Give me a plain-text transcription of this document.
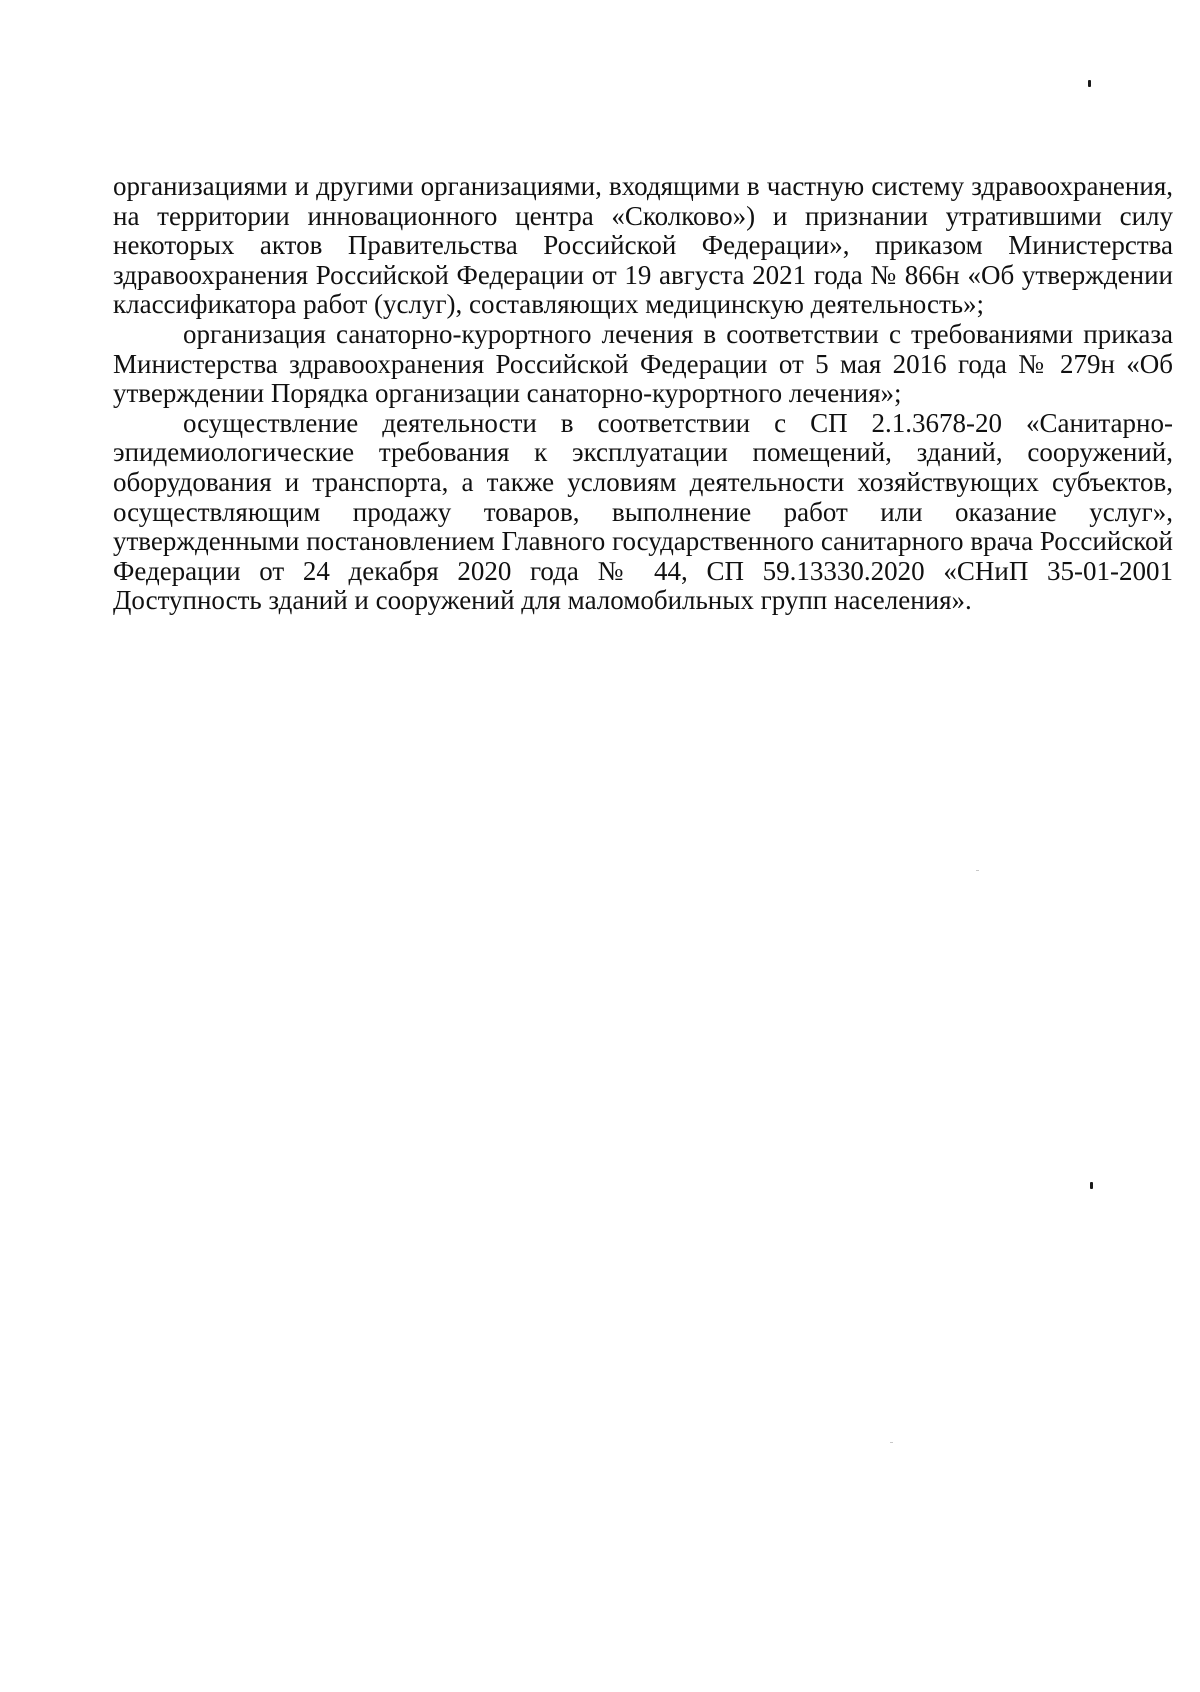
организациями и другими организациями, входящими в частную систему здравоохранения, на территории инновационного центра «Сколково») и признании утратившими силу некоторых актов Правительства Российской Федерации», приказом Министерства здравоохранения Российской Федерации от 19 августа 2021 года № 866н «Об утверждении классификатора работ (услуг), составляющих медицинскую деятельность»;

организация санаторно-курортного лечения в соответствии с требованиями приказа Министерства здравоохранения Российской Федерации от 5 мая 2016 года № 279н «Об утверждении Порядка организации санаторно-курортного лечения»;

осуществление деятельности в соответствии с СП 2.1.3678-20 «Санитарно-эпидемиологические требования к эксплуатации помещений, зданий, сооружений, оборудования и транспорта, а также условиям деятельности хозяйствующих субъектов, осуществляющим продажу товаров, выполнение работ или оказание услуг», утвержденными постановлением Главного государственного санитарного врача Российской Федерации от 24 декабря 2020 года № 44, СП 59.13330.2020 «СНиП 35-01-2001 Доступность зданий и сооружений для маломобильных групп населения».
